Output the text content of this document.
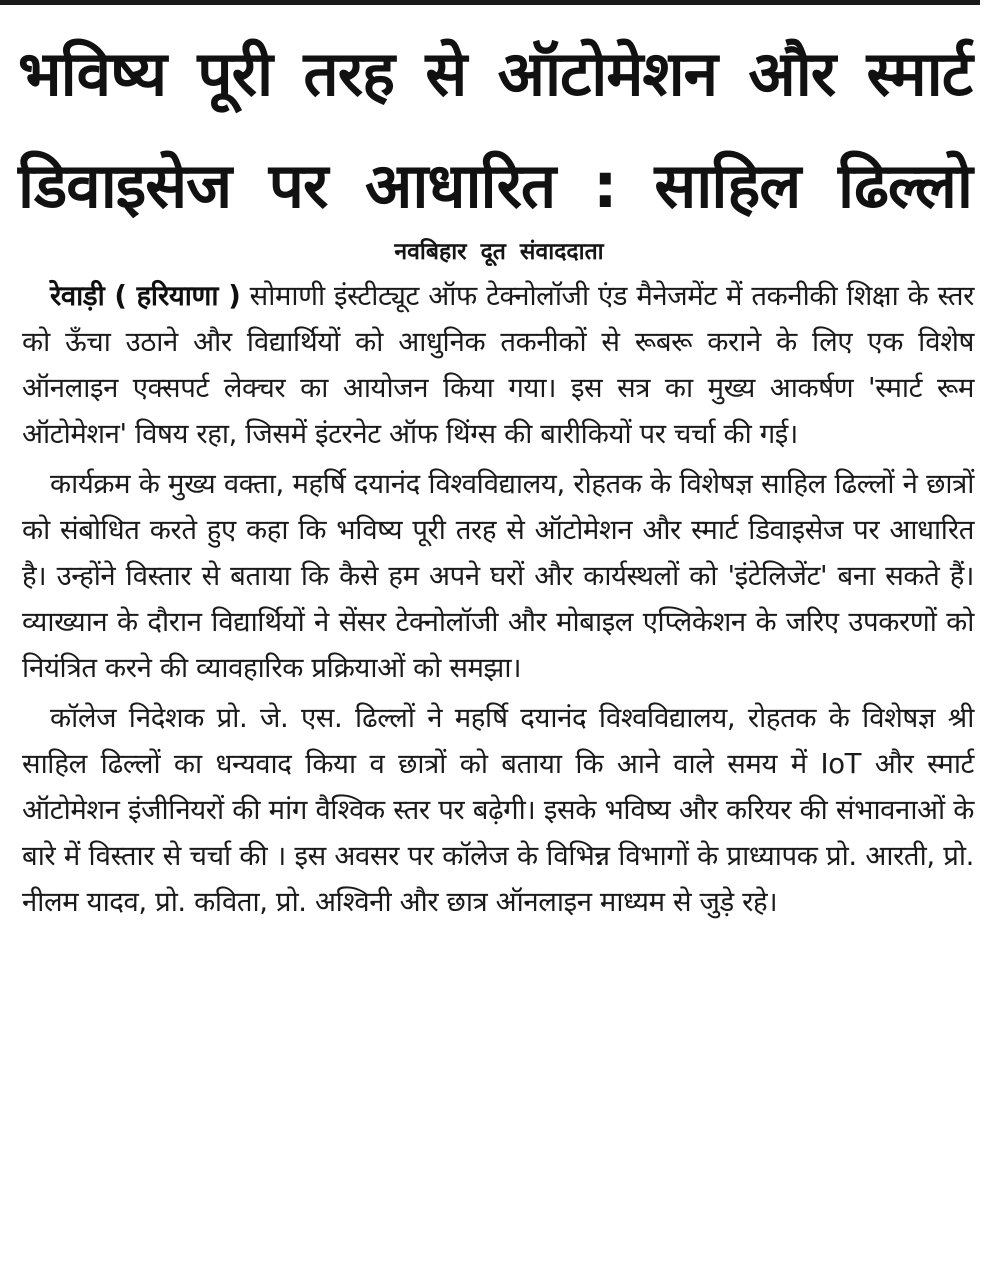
भविष्य पूरी तरह से ऑटोमेशन और स्मार्ट
डिवाइसेज पर आधारित : साहिल ढिल्लो
नवबिहार दूत संवाददाता

रेवाड़ी ( हरियाणा ) सोमाणी इंस्टीट्यूट ऑफ टेक्नोलॉजी एंड मैनेजमेंट में तकनीकी शिक्षा के स्तर को ऊँचा उठाने और विद्यार्थियों को आधुनिक तकनीकों से रूबरू कराने के लिए एक विशेष ऑनलाइन एक्सपर्ट लेक्चर का आयोजन किया गया। इस सत्र का मुख्य आकर्षण 'स्मार्ट रूम ऑटोमेशन' विषय रहा, जिसमें इंटरनेट ऑफ थिंग्स की बारीकियों पर चर्चा की गई।

कार्यक्रम के मुख्य वक्ता, महर्षि दयानंद विश्वविद्यालय, रोहतक के विशेषज्ञ साहिल ढिल्लों ने छात्रों को संबोधित करते हुए कहा कि भविष्य पूरी तरह से ऑटोमेशन और स्मार्ट डिवाइसेज पर आधारित है। उन्होंने विस्तार से बताया कि कैसे हम अपने घरों और कार्यस्थलों को 'इंटेलिजेंट' बना सकते हैं। व्याख्यान के दौरान विद्यार्थियों ने सेंसर टेक्नोलॉजी और मोबाइल एप्लिकेशन के जरिए उपकरणों को नियंत्रित करने की व्यावहारिक प्रक्रियाओं को समझा।

कॉलेज निदेशक प्रो. जे. एस. ढिल्लों ने महर्षि दयानंद विश्वविद्यालय, रोहतक के विशेषज्ञ श्री साहिल ढिल्लों का धन्यवाद किया व छात्रों को बताया कि आने वाले समय में IoT और स्मार्ट ऑटोमेशन इंजीनियरों की मांग वैश्विक स्तर पर बढ़ेगी। इसके भविष्य और करियर की संभावनाओं के बारे में विस्तार से चर्चा की । इस अवसर पर कॉलेज के विभिन्न विभागों के प्राध्यापक प्रो. आरती, प्रो. नीलम यादव, प्रो. कविता, प्रो. अश्विनी और छात्र ऑनलाइन माध्यम से जुड़े रहे।
